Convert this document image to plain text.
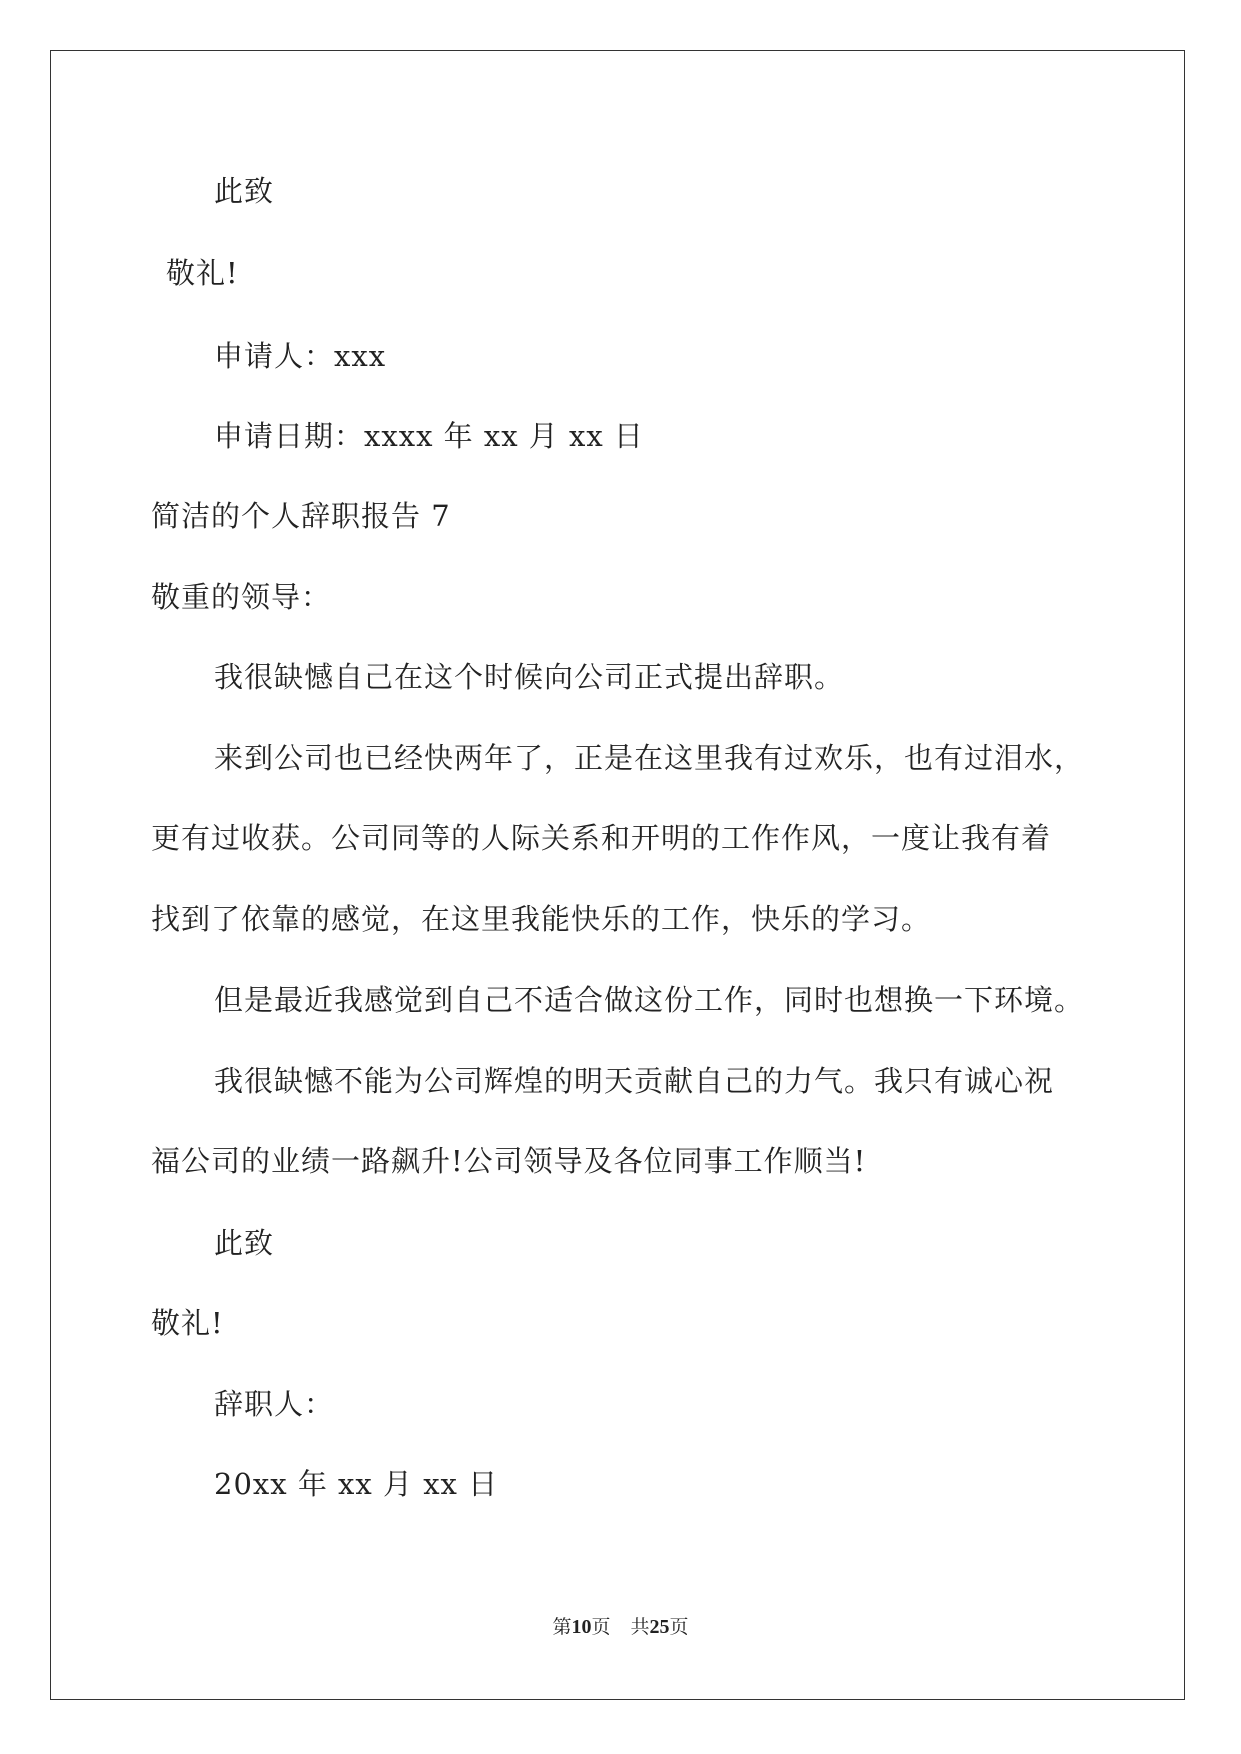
此致
敬礼!
申请人：xxx
申请日期：xxxx 年 xx 月 xx 日
简洁的个人辞职报告 7
敬重的领导：
我很缺憾自己在这个时候向公司正式提出辞职。
来到公司也已经快两年了，正是在这里我有过欢乐，也有过泪水，
更有过收获。公司同等的人际关系和开明的工作作风，一度让我有着
找到了依靠的感觉，在这里我能快乐的工作，快乐的学习。
但是最近我感觉到自己不适合做这份工作，同时也想换一下环境。
我很缺憾不能为公司辉煌的明天贡献自己的力气。我只有诚心祝
福公司的业绩一路飙升!公司领导及各位同事工作顺当!
此致
敬礼!
辞职人：
20xx 年 xx 月 xx 日
第10页 共25页
